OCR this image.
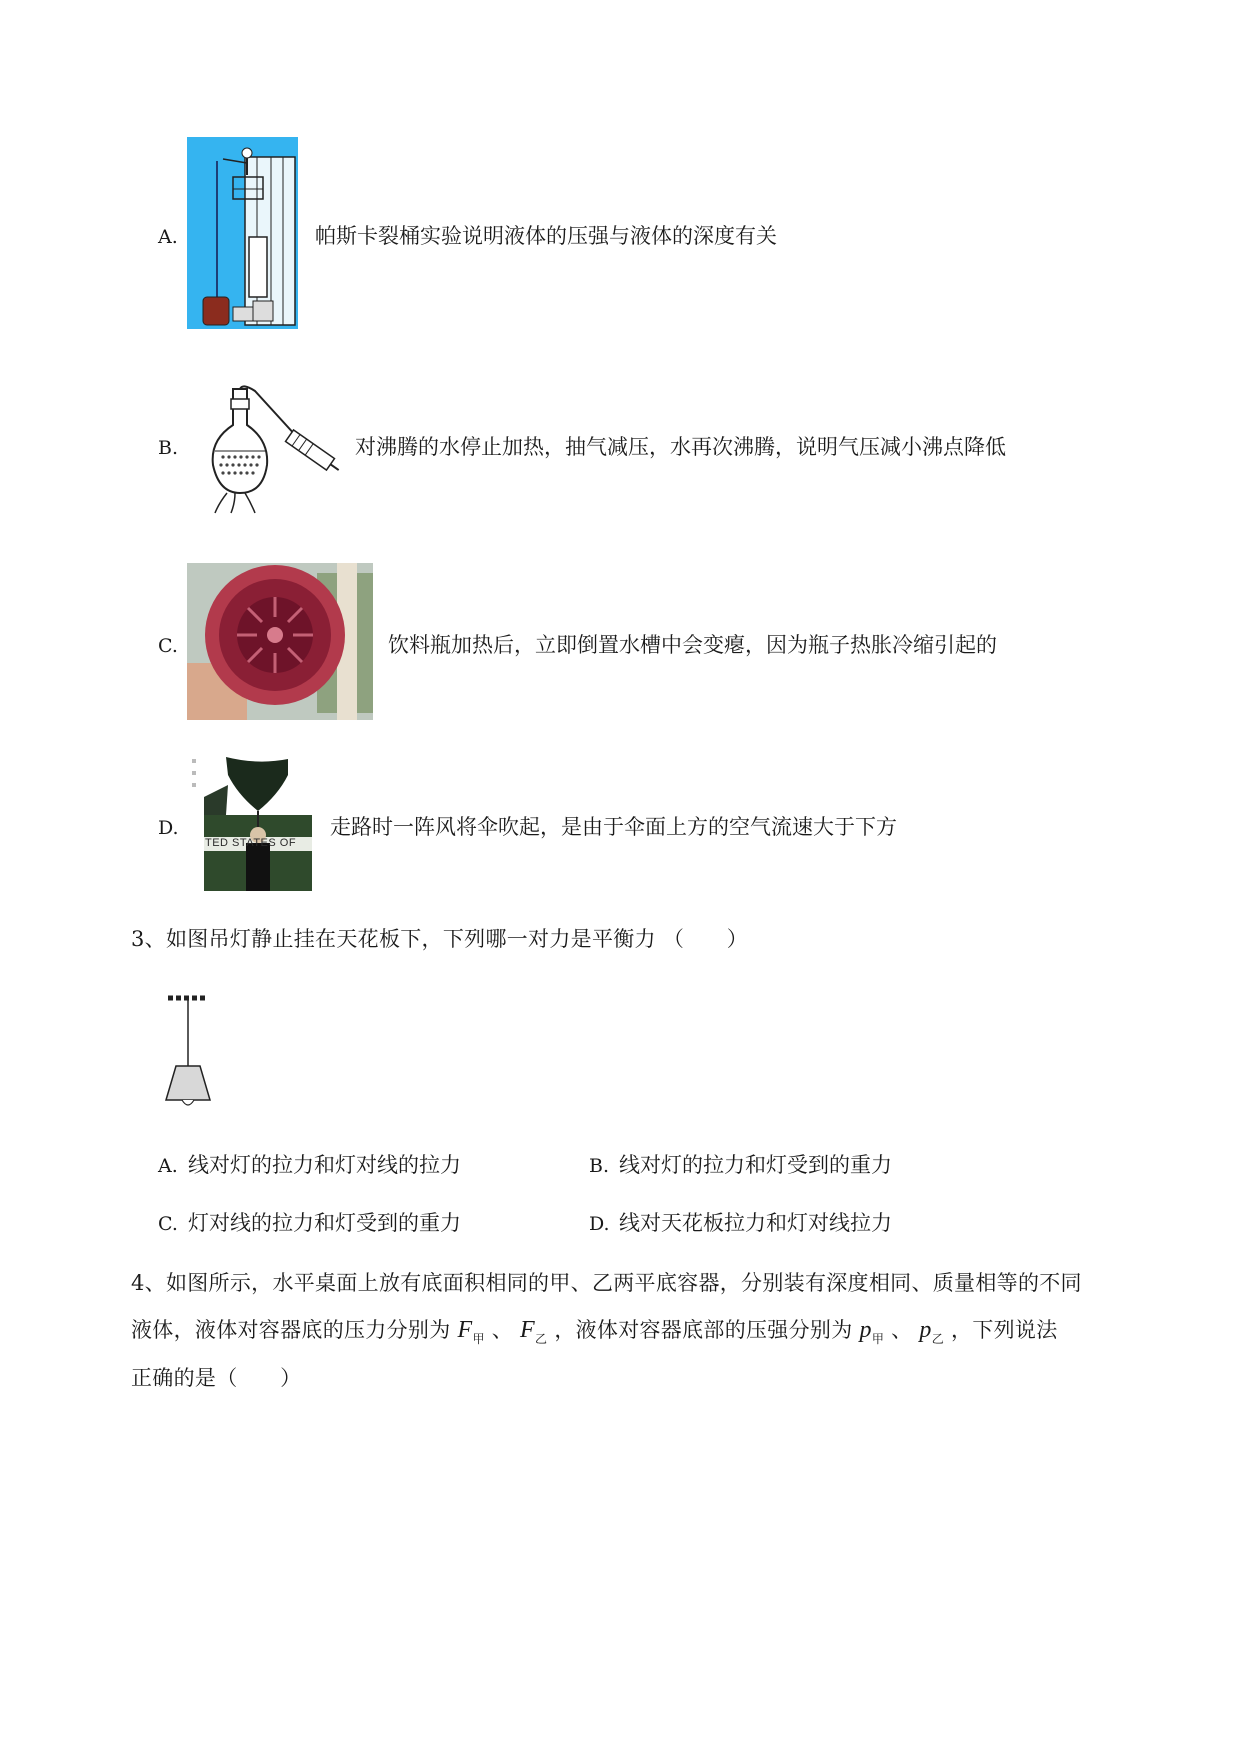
A.	帕斯卡裂桶实验说明液体的压强与液体的深度有关
B.	对沸腾的水停止加热，抽气减压，水再次沸腾，说明气压减小沸点降低
C.	饮料瓶加热后，立即倒置水槽中会变瘪，因为瓶子热胀冷缩引起的
D.
TED STATES OF
走路时一阵风将伞吹起，是由于伞面上方的空气流速大于下方
3、如图吊灯静止挂在天花板下，下列哪一对力是平衡力 （　　）
A. 线对灯的拉力和灯对线的拉力	B. 线对灯的拉力和灯受到的重力
C. 灯对线的拉力和灯受到的重力	D. 线对天花板拉力和灯对线拉力
4、如图所示，水平桌面上放有底面积相同的甲、乙两平底容器，分别装有深度相同、质量相等的不同
液体，液体对容器底的压力分别为 $F_甲$ 、 $F_乙$ ，液体对容器底部的压强分别为 $p_甲$ 、 $p_乙$ ，下列说法
正确的是（　　）
